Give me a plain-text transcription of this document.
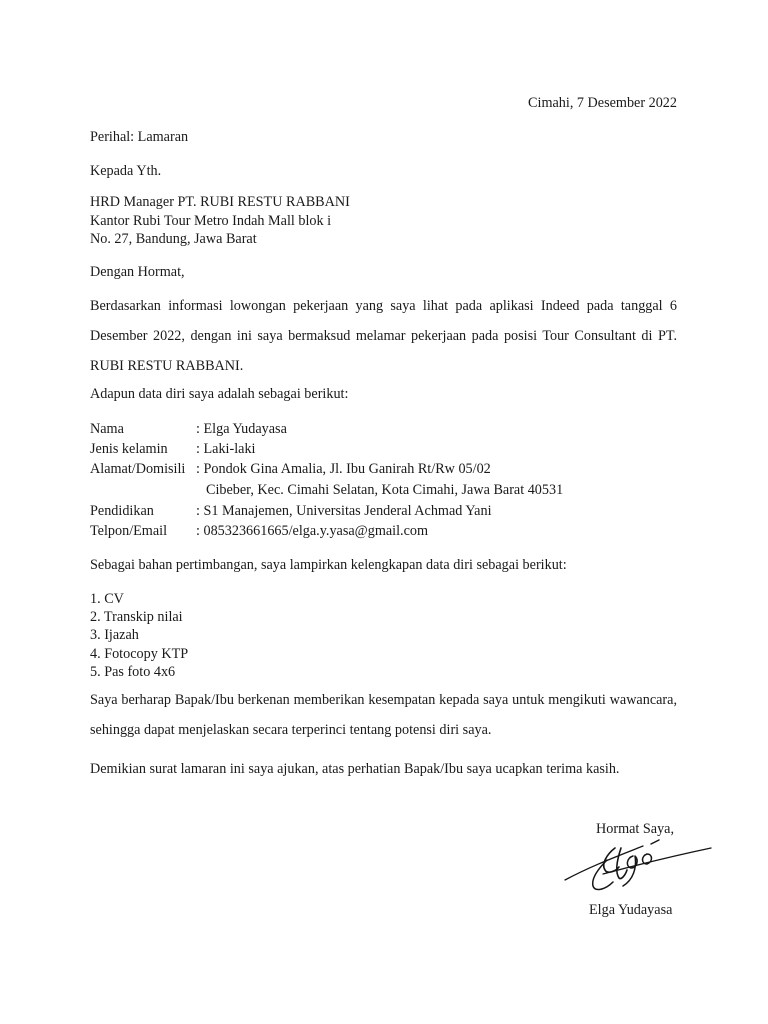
Cimahi, 7 Desember 2022
Perihal: Lamaran
Kepada Yth.
HRD Manager PT. RUBI RESTU RABBANI
Kantor Rubi Tour Metro Indah Mall blok i
No. 27, Bandung, Jawa Barat
Dengan Hormat,
Berdasarkan informasi lowongan pekerjaan yang saya lihat pada aplikasi Indeed pada tanggal 6 Desember 2022, dengan ini saya bermaksud melamar pekerjaan pada posisi Tour Consultant di PT. RUBI RESTU RABBANI.
Adapun data diri saya adalah sebagai berikut:
Nama	: Elga Yudayasa
Jenis kelamin : Laki-laki
Alamat/Domisili : Pondok Gina Amalia, Jl. Ibu Ganirah Rt/Rw 05/02
Cibeber, Kec. Cimahi Selatan, Kota Cimahi, Jawa Barat 40531
Pendidikan	: S1 Manajemen, Universitas Jenderal Achmad Yani
Telpon/Email : 085323661665/elga.y.yasa@gmail.com
Sebagai bahan pertimbangan, saya lampirkan kelengkapan data diri sebagai berikut:
1. CV
2. Transkip nilai
3. Ijazah
4. Fotocopy KTP
5. Pas foto 4x6
Saya berharap Bapak/Ibu berkenan memberikan kesempatan kepada saya untuk mengikuti wawancara, sehingga dapat menjelaskan secara terperinci tentang potensi diri saya.
Demikian surat lamaran ini saya ajukan, atas perhatian Bapak/Ibu saya ucapkan terima kasih.
Hormat Saya,
Elga Yudayasa
